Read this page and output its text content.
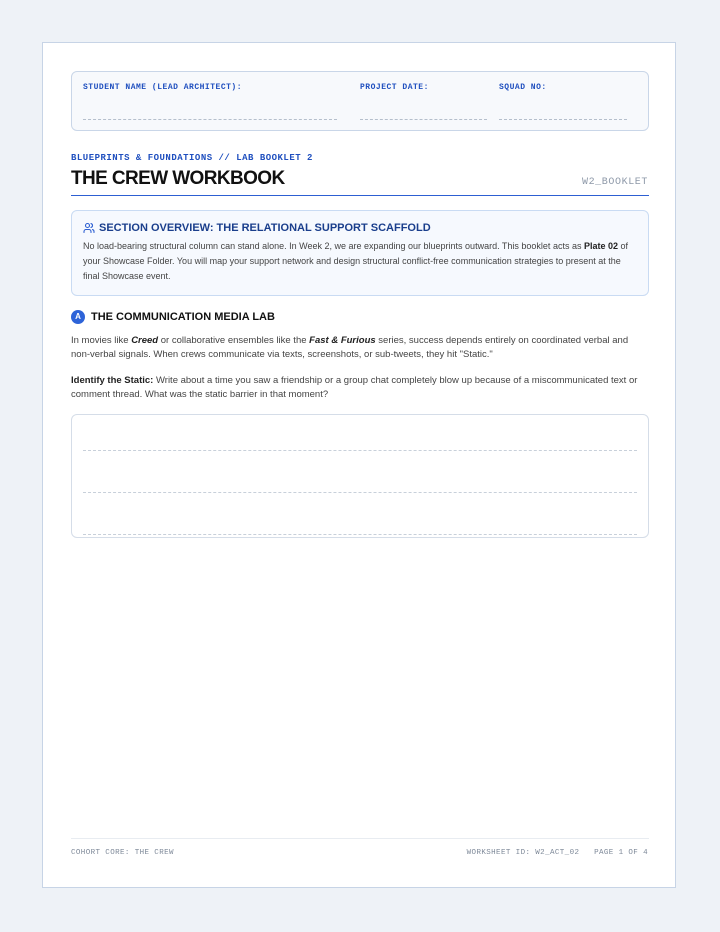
STUDENT NAME (LEAD ARCHITECT):	PROJECT DATE:	SQUAD NO:
BLUEPRINTS & FOUNDATIONS // LAB BOOKLET 2
THE CREW WORKBOOK	W2_BOOKLET
SECTION OVERVIEW: THE RELATIONAL SUPPORT SCAFFOLD
No load-bearing structural column can stand alone. In Week 2, we are expanding our blueprints outward. This booklet acts as Plate 02 of your Showcase Folder. You will map your support network and design structural conflict-free communication strategies to present at the final Showcase event.
A THE COMMUNICATION MEDIA LAB
In movies like Creed or collaborative ensembles like the Fast & Furious series, success depends entirely on coordinated verbal and non-verbal signals. When crews communicate via texts, screenshots, or sub-tweets, they hit "Static."
Identify the Static: Write about a time you saw a friendship or a group chat completely blow up because of a miscommunicated text or comment thread. What was the static barrier in that moment?
COHORT CORE: THE CREW	WORKSHEET ID: W2_ACT_02 PAGE 1 OF 4
